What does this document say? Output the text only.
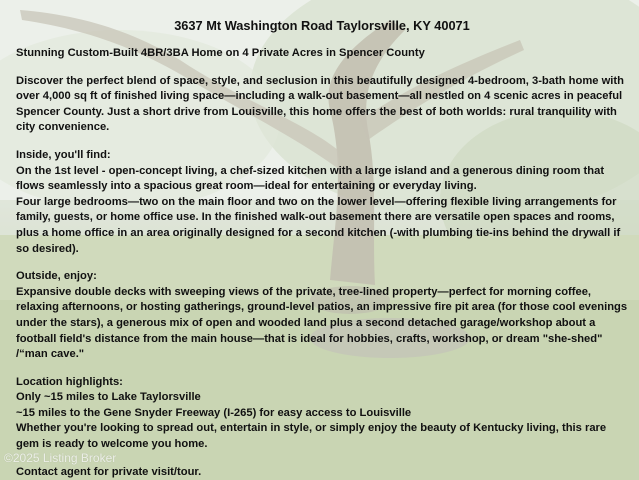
3637 Mt Washington Road Taylorsville, KY 40071
Stunning Custom-Built 4BR/3BA Home on 4 Private Acres in Spencer County
Discover the perfect blend of space, style, and seclusion in this beautifully designed 4-bedroom, 3-bath home with over 4,000 sq ft of finished living space—including a walk-out basement—all nestled on 4 scenic acres in peaceful Spencer County. Just a short drive from Louisville, this home offers the best of both worlds: rural tranquility with city convenience.
Inside, you'll find:
On the 1st level - open-concept living, a chef-sized kitchen with a large island and a generous dining room that flows seamlessly into a spacious great room—ideal for entertaining or everyday living.
Four large bedrooms—two on the main floor and two on the lower level—offering flexible living arrangements for family, guests, or home office use. In the finished walk-out basement there are versatile open spaces and rooms, plus a home office in an area originally designed for a second kitchen (-with plumbing tie-ins behind the drywall if so desired).
Outside, enjoy:
Expansive double decks with sweeping views of the private, tree-lined property—perfect for morning coffee, relaxing afternoons, or hosting gatherings, ground-level patios, an impressive fire pit area (for those cool evenings under the stars), a generous mix of open and wooded land plus a second detached garage/workshop about a football field's distance from the main house—that is ideal for hobbies, crafts, workshop, or dream "she-shed" /“man cave."
Location highlights:
Only ~15 miles to Lake Taylorsville
~15 miles to the Gene Snyder Freeway (I-265) for easy access to Louisville
Whether you're looking to spread out, entertain in style, or simply enjoy the beauty of Kentucky living, this rare gem is ready to welcome you home.
Contact agent for private visit/tour.
©2025 Listing Broker
